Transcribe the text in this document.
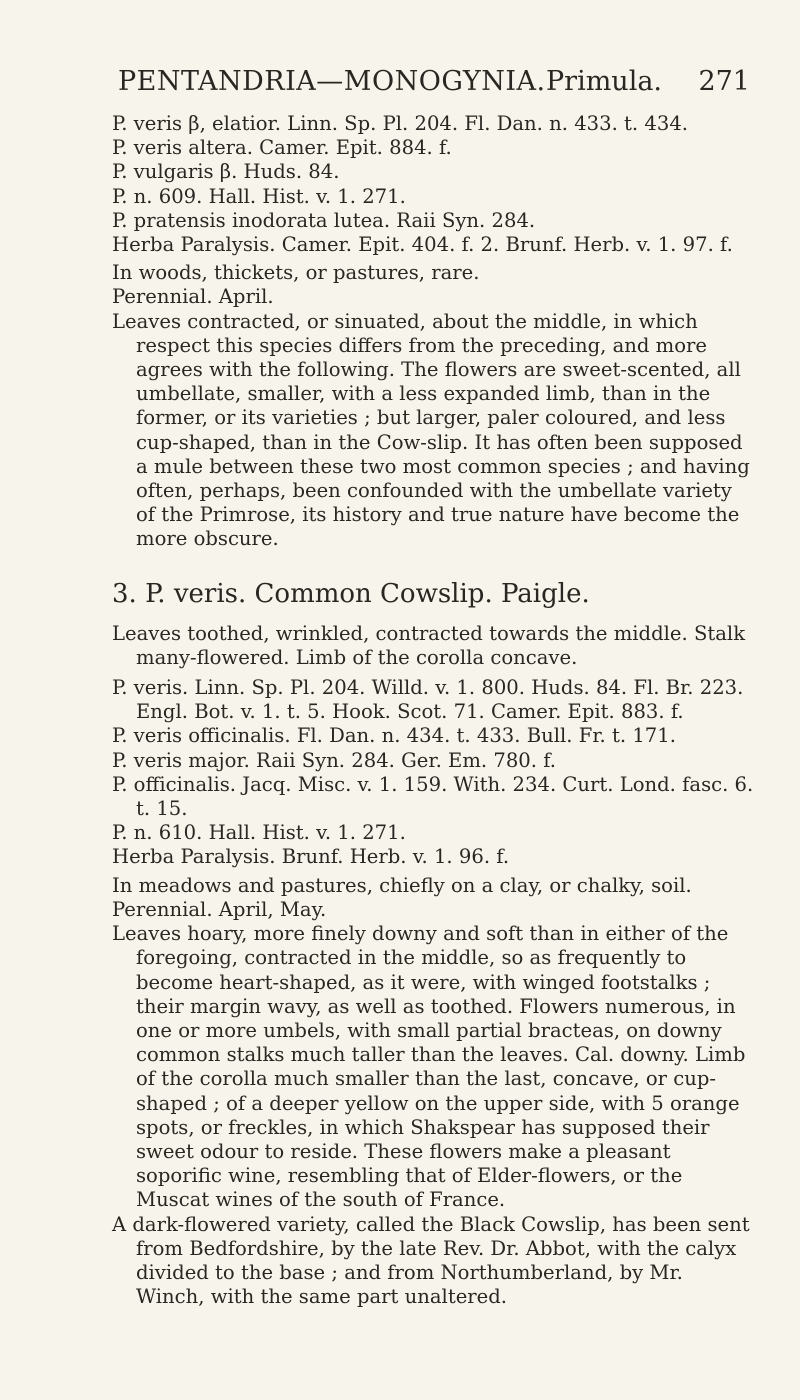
PENTANDRIA—MONOGYNIA. Primula. 271

P. veris β, elatior. Linn. Sp. Pl. 204. Fl. Dan. n. 433. t. 434.

P. veris altera. Camer. Epit. 884. f.

P. vulgaris β. Huds. 84.

P. n. 609. Hall. Hist. v. 1. 271.

P. pratensis inodorata lutea. Raii Syn. 284.

Herba Paralysis. Camer. Epit. 404. f. 2. Brunf. Herb. v. 1. 97. f.

In woods, thickets, or pastures, rare.

Perennial. April.

Leaves contracted, or sinuated, about the middle, in which respect this species differs from the preceding, and more agrees with the following. The flowers are sweet-scented, all umbellate, smaller, with a less expanded limb, than in the former, or its varieties ; but larger, paler coloured, and less cup-shaped, than in the Cow-slip. It has often been supposed a mule between these two most common species ; and having often, perhaps, been confounded with the umbellate variety of the Primrose, its history and true nature have become the more obscure.

3. P. veris. Common Cowslip. Paigle.

Leaves toothed, wrinkled, contracted towards the middle. Stalk many-flowered. Limb of the corolla concave.

P. veris. Linn. Sp. Pl. 204. Willd. v. 1. 800. Huds. 84. Fl. Br. 223. Engl. Bot. v. 1. t. 5. Hook. Scot. 71. Camer. Epit. 883. f.

P. veris officinalis. Fl. Dan. n. 434. t. 433. Bull. Fr. t. 171.

P. veris major. Raii Syn. 284. Ger. Em. 780. f.

P. officinalis. Jacq. Misc. v. 1. 159. With. 234. Curt. Lond. fasc. 6. t. 15.

P. n. 610. Hall. Hist. v. 1. 271.

Herba Paralysis. Brunf. Herb. v. 1. 96. f.

In meadows and pastures, chiefly on a clay, or chalky, soil.

Perennial. April, May.

Leaves hoary, more finely downy and soft than in either of the foregoing, contracted in the middle, so as frequently to become heart-shaped, as it were, with winged footstalks ; their margin wavy, as well as toothed. Flowers numerous, in one or more umbels, with small partial bracteas, on downy common stalks much taller than the leaves. Cal. downy. Limb of the corolla much smaller than the last, concave, or cup-shaped ; of a deeper yellow on the upper side, with 5 orange spots, or freckles, in which Shakspear has supposed their sweet odour to reside. These flowers make a pleasant soporific wine, resembling that of Elder-flowers, or the Muscat wines of the south of France.

A dark-flowered variety, called the Black Cowslip, has been sent from Bedfordshire, by the late Rev. Dr. Abbot, with the calyx divided to the base ; and from Northumberland, by Mr. Winch, with the same part unaltered.
